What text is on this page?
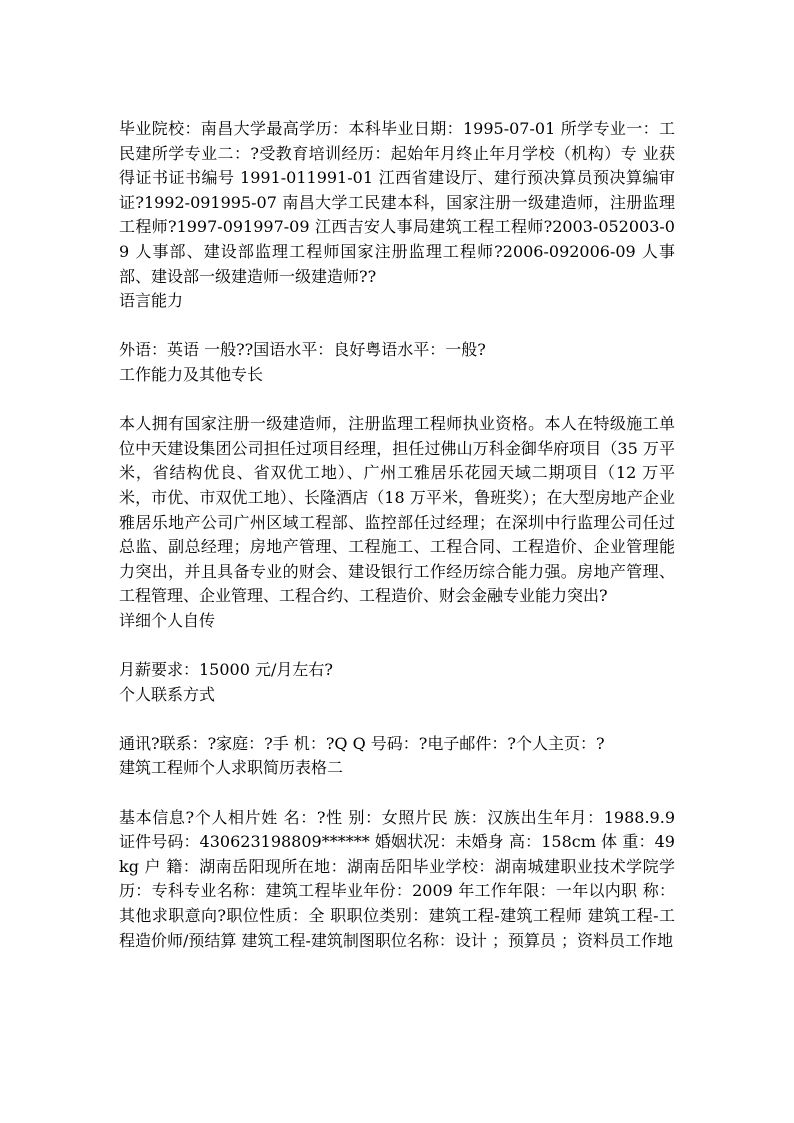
毕业院校：南昌大学最高学历：本科毕业日期：1995-07-01 所学专业一：工民建所学专业二：?受教育培训经历：起始年月终止年月学校（机构）专 业获得证书证书编号 1991-011991-01 江西省建设厅、建行预决算员预决算编审证?1992-091995-07 南昌大学工民建本科，国家注册一级建造师，注册监理工程师?1997-091997-09 江西吉安人事局建筑工程工程师?2003-052003-09 人事部、建设部监理工程师国家注册监理工程师?2006-092006-09 人事部、建设部一级建造师一级建造师??

语言能力

外语：英语 一般??国语水平：良好粤语水平：一般?

工作能力及其他专长

本人拥有国家注册一级建造师，注册监理工程师执业资格。本人在特级施工单位中天建设集团公司担任过项目经理，担任过佛山万科金御华府项目（35 万平米，省结构优良、省双优工地）、广州工雅居乐花园天域二期项目（12 万平米，市优、市双优工地）、长隆酒店（18 万平米，鲁班奖）；在大型房地产企业雅居乐地产公司广州区域工程部、监控部任过经理；在深圳中行监理公司任过总监、副总经理；房地产管理、工程施工、工程合同、工程造价、企业管理能力突出，并且具备专业的财会、建设银行工作经历综合能力强。房地产管理、工程管理、企业管理、工程合约、工程造价、财会金融专业能力突出?

详细个人自传

月薪要求：15000 元/月左右?

个人联系方式

通讯?联系：?家庭：?手 机：?Q Q 号码：?电子邮件：?个人主页：?

建筑工程师个人求职简历表格二

基本信息?个人相片姓 名：?性 别：女照片民 族：汉族出生年月：1988.9.9 证件号码：430623198809****** 婚姻状况：未婚身 高：158cm 体 重：49kg 户 籍：湖南岳阳现所在地：湖南岳阳毕业学校：湖南城建职业技术学院学 历：专科专业名称：建筑工程毕业年份：2009 年工作年限：一年以内职 称：其他求职意向?职位性质：全 职职位类别：建筑工程-建筑工程师 建筑工程-工程造价师/预结算 建筑工程-建筑制图职位名称：设计 ；预算员 ；资料员工作地
